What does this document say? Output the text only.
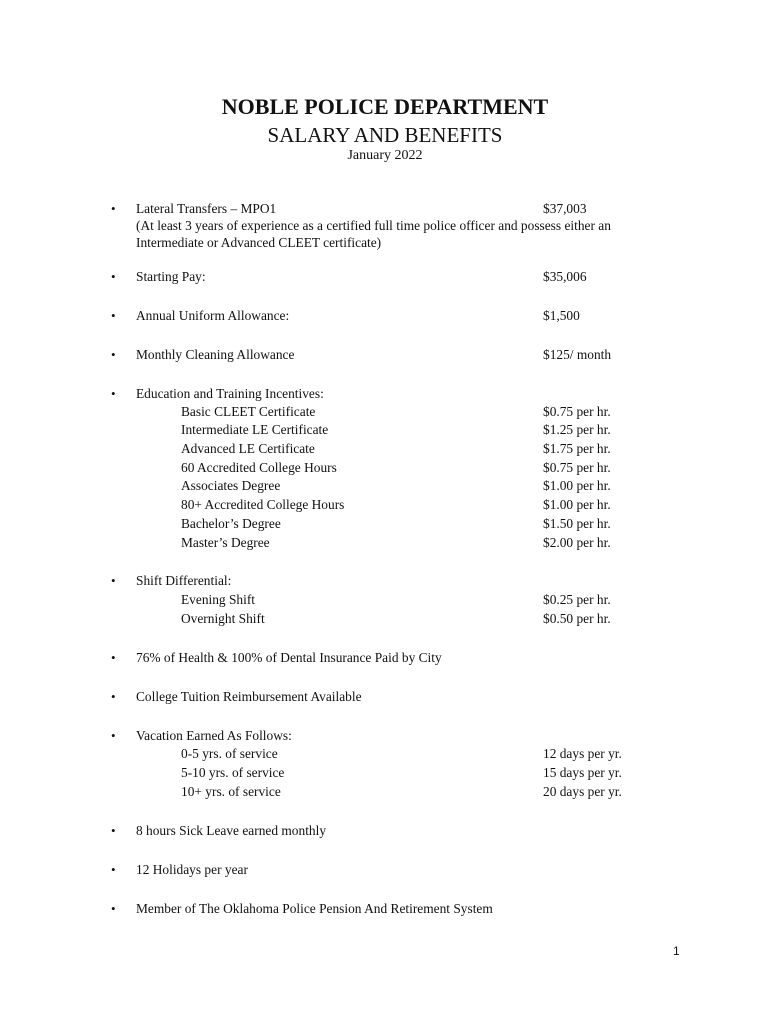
NOBLE POLICE DEPARTMENT
SALARY AND BENEFITS
January 2022
• Lateral Transfers – MPO1	$37,003
(At least 3 years of experience as a certified full time police officer and possess either an
Intermediate or Advanced CLEET certificate)
• Starting Pay:	$35,006
• Annual Uniform Allowance:	$1,500
• Monthly Cleaning Allowance	$125/ month
• Education and Training Incentives:
Basic CLEET Certificate	$0.75 per hr.
Intermediate LE Certificate	$1.25 per hr.
Advanced LE Certificate	$1.75 per hr.
60 Accredited College Hours	$0.75 per hr.
Associates Degree	$1.00 per hr.
80+ Accredited College Hours	$1.00 per hr.
Bachelor’s Degree	$1.50 per hr.
Master’s Degree	$2.00 per hr.
• Shift Differential:
Evening Shift	$0.25 per hr.
Overnight Shift	$0.50 per hr.
• 76% of Health & 100% of Dental Insurance Paid by City
• College Tuition Reimbursement Available
• Vacation Earned As Follows:
0-5 yrs. of service	12 days per yr.
5-10 yrs. of service	15 days per yr.
10+ yrs. of service	20 days per yr.
• 8 hours Sick Leave earned monthly
• 12 Holidays per year
• Member of The Oklahoma Police Pension And Retirement System
1
